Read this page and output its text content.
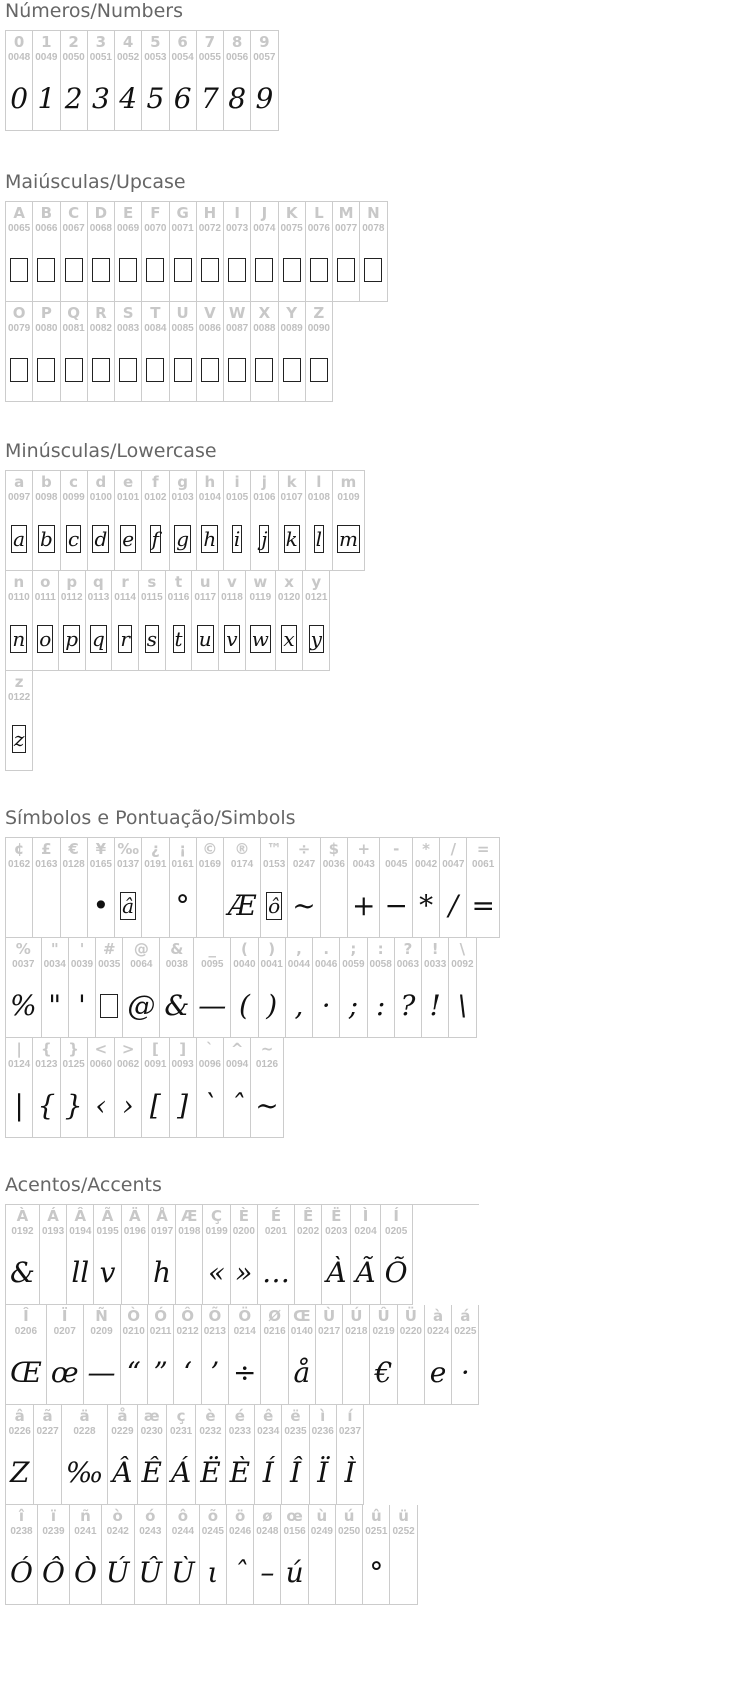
Números/Numbers
0
0048
0
1
0049
1
2
0050
2
3
0051
3
4
0052
4
5
0053
5
6
0054
6
7
0055
7
8
0056
8
9
0057
9
Maiúsculas/Upcase
A
0065
B
0066
C
0067
D
0068
E
0069
F
0070
G
0071
H
0072
I
0073
J
0074
K
0075
L
0076
M
0077
N
0078
O
0079
P
0080
Q
0081
R
0082
S
0083
T
0084
U
0085
V
0086
W
0087
X
0088
Y
0089
Z
0090
Minúsculas/Lowercase
a
0097
a
b
0098
b
c
0099
c
d
0100
d
e
0101
e
f
0102
f
g
0103
g
h
0104
h
i
0105
i
j
0106
j
k
0107
k
l
0108
l
m
0109
m
n
0110
n
o
0111
o
p
0112
p
q
0113
q
r
0114
r
s
0115
s
t
0116
t
u
0117
u
v
0118
v
w
0119
w
x
0120
x
y
0121
y
z
0122
z
Símbolos e Pontuação/Simbols
¢
0162
£
0163
€
0128
¥
0165
•
‰
0137
â
¿
0191
¡
0161
°
©
0169
®
0174
Æ
™
0153
ô
÷
0247
~
$
0036
+
0043
+
-
0045
−
*
0042
*
/
0047
/
=
0061
=
%
0037
%
"
0034
"
'
0039
'
#
0035
@
0064
@
&
0038
&
_
0095
—
(
0040
(
)
0041
)
,
0044
,
.
0046
·
;
0059
;
:
0058
:
?
0063
?
!
0033
!
\
0092
\
|
0124
|
{
0123
{
}
0125
}
<
0060
‹
>
0062
›
[
0091
[
]
0093
]
`
0096
ˋ
^
0094
ˆ
~
0126
~
Acentos/Accents
À
0192
&
Á
0193
Â
0194
ll
Ã
0195
v
Ä
0196
Å
0197
h
Æ
0198
Ç
0199
«
È
0200
»
É
0201
…
Ê
0202
Ë
0203
À
Ì
0204
Ã
Í
0205
Õ
Î
0206
Œ
Ï
0207
œ
Ñ
0209
—
Ò
0210
“
Ó
0211
”
Ô
0212
‘
Õ
0213
’
Ö
0214
÷
Ø
0216
Œ
0140
å
Ù
0217
Ú
0218
Û
0219
€
Ü
0220
à
0224
e
á
0225
·
â
0226
Z
ã
0227
ä
0228
‰
å
0229
Â
æ
0230
Ê
ç
0231
Á
è
0232
Ë
é
0233
È
ê
0234
Í
ë
0235
Î
ì
0236
Ï
í
0237
Ì
î
0238
Ó
ï
0239
Ô
ñ
0241
Ò
ò
0242
Ú
ó
0243
Û
ô
0244
Ù
õ
0245
ι
ö
0246
ˆ
ø
0248
–
œ
0156
ú
ù
0249
ú
0250
û
0251
°
ü
0252
